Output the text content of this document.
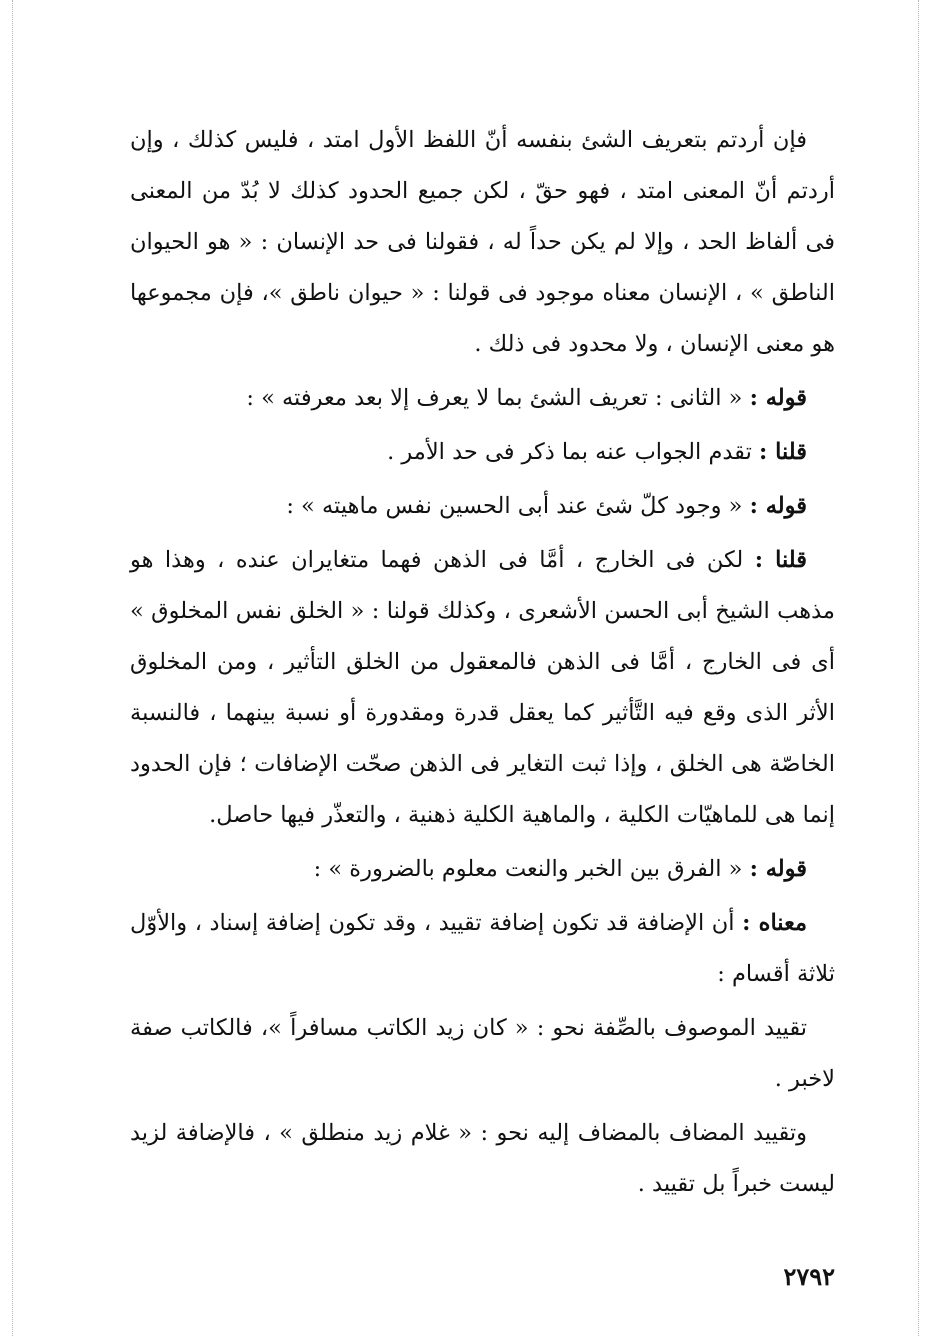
فإن أردتم بتعريف الشئ بنفسه أنّ اللفظ الأول امتد ، فليس كذلك ، وإن أردتم أنّ المعنى امتد ، فهو حقّ ، لكن جميع الحدود كذلك لا بُدّ من المعنى فى ألفاظ الحد ، وإلا لم يكن حداً له ، فقولنا فى حد الإنسان : « هو الحيوان الناطق » ، الإنسان معناه موجود فى قولنا : « حيوان ناطق »، فإن مجموعها هو معنى الإنسان ، ولا محدود فى ذلك .

قوله : « الثانى : تعريف الشئ بما لا يعرف إلا بعد معرفته » :

قلنا : تقدم الجواب عنه بما ذكر فى حد الأمر .

قوله : « وجود كلّ شئ عند أبى الحسين نفس ماهيته » :

قلنا : لكن فى الخارج ، أمَّا فى الذهن فهما متغايران عنده ، وهذا هو مذهب الشيخ أبى الحسن الأشعرى ، وكذلك قولنا : « الخلق نفس المخلوق » أى فى الخارج ، أمَّا فى الذهن فالمعقول من الخلق التأثير ، ومن المخلوق الأثر الذى وقع فيه التَّأثير كما يعقل قدرة ومقدورة أو نسبة بينهما ، فالنسبة الخاصّة هى الخلق ، وإذا ثبت التغاير فى الذهن صحّت الإضافات ؛ فإن الحدود إنما هى للماهيّات الكلية ، والماهية الكلية ذهنية ، والتعذّر فيها حاصل.

قوله : « الفرق بين الخبر والنعت معلوم بالضرورة » :

معناه : أن الإضافة قد تكون إضافة تقييد ، وقد تكون إضافة إسناد ، والأوّل ثلاثة أقسام :

تقييد الموصوف بالصِّفة نحو : « كان زيد الكاتب مسافراً »، فالكاتب صفة لاخبر .

وتقييد المضاف بالمضاف إليه نحو : « غلام زيد منطلق » ، فالإضافة لزيد ليست خبراً بل تقييد .

٢٧٩٢
